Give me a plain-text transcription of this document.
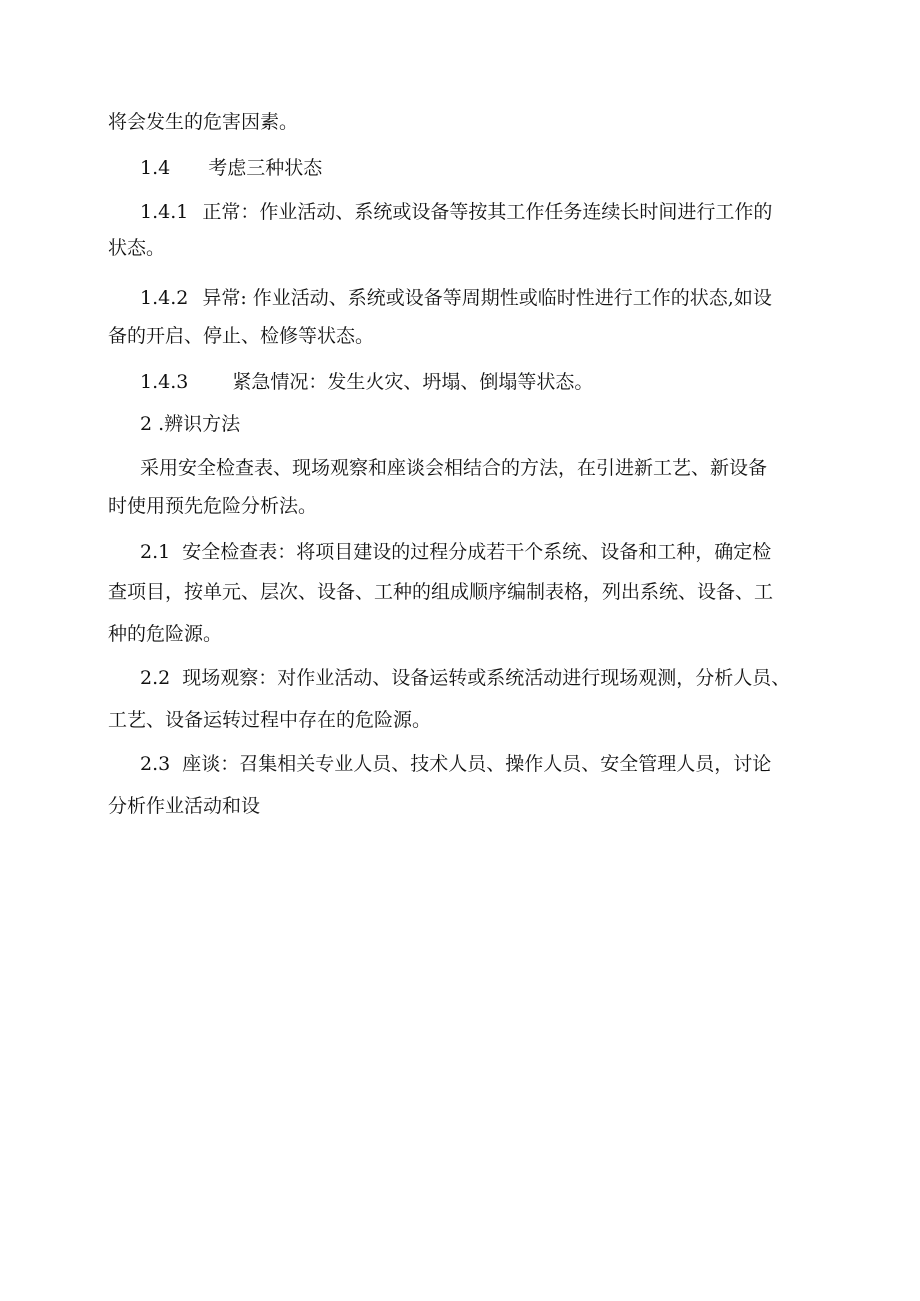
将会发生的危害因素。
1.4 考虑三种状态
1.4.1 正常：作业活动、系统或设备等按其工作任务连续长时间进行工作的
状态。
1.4.2 异常: 作业活动、系统或设备等周期性或临时性进行工作的状态,如设
备的开启、停止、检修等状态。
1.4.3 紧急情况：发生火灾、坍塌、倒塌等状态。
2 .辨识方法
采用安全检查表、现场观察和座谈会相结合的方法，在引进新工艺、新设备
时使用预先危险分析法。
2.1 安全检查表：将项目建设的过程分成若干个系统、设备和工种，确定检
查项目，按单元、层次、设备、工种的组成顺序编制表格，列出系统、设备、工
种的危险源。
2.2 现场观察：对作业活动、设备运转或系统活动进行现场观测，分析人员、
工艺、设备运转过程中存在的危险源。
2.3 座谈：召集相关专业人员、技术人员、操作人员、安全管理人员，讨论
分析作业活动和设
